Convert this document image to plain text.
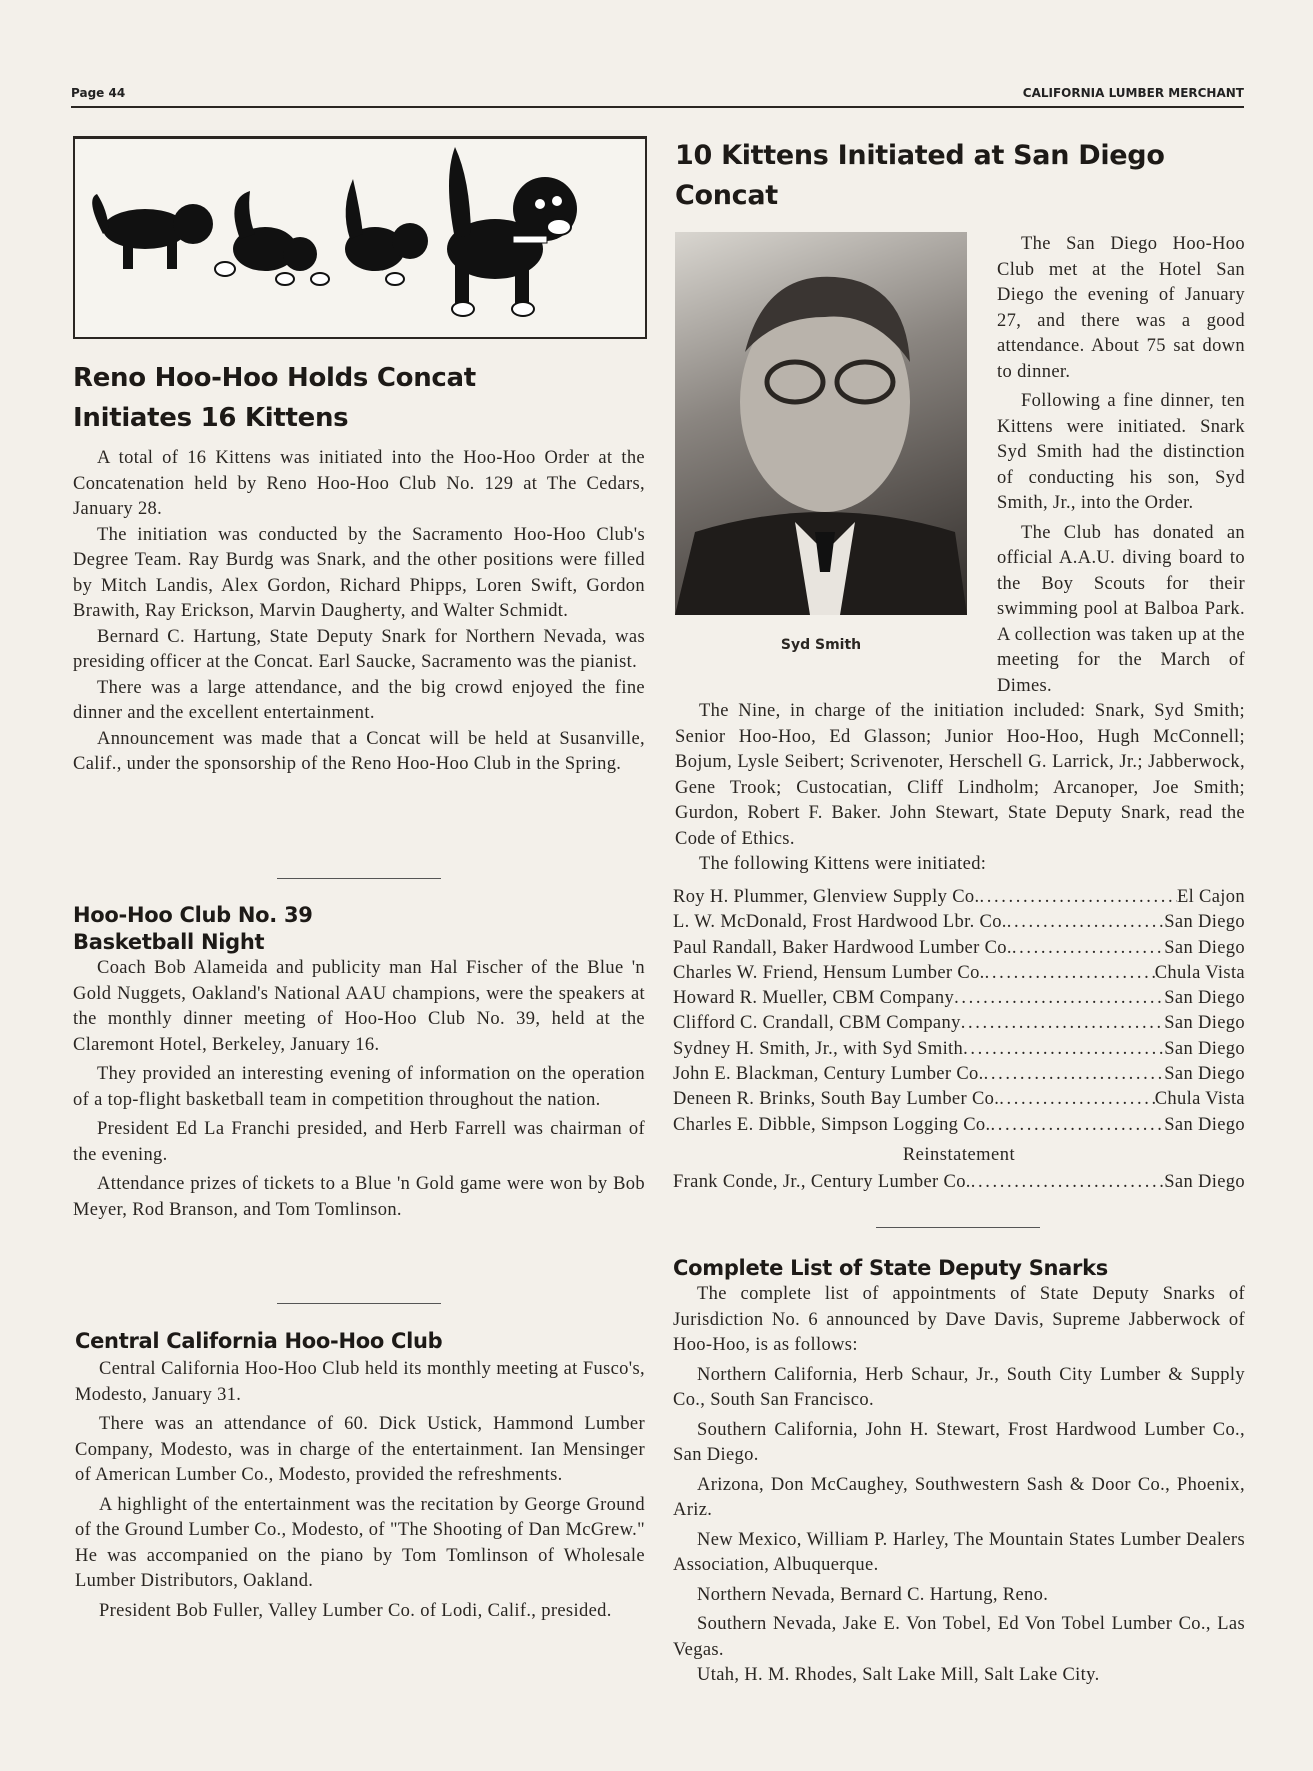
Page 44	CALIFORNIA LUMBER MERCHANT
Reno Hoo-Hoo Holds Concat
Initiates 16 Kittens

A total of 16 Kittens was initiated into the Hoo-Hoo Order at the Concatenation held by Reno Hoo-Hoo Club No. 129 at The Cedars, January 28.

The initiation was conducted by the Sacramento Hoo-Hoo Club's Degree Team. Ray Burdg was Snark, and the other positions were filled by Mitch Landis, Alex Gordon, Richard Phipps, Loren Swift, Gordon Brawith, Ray Erickson, Marvin Daugherty, and Walter Schmidt.

Bernard C. Hartung, State Deputy Snark for Northern Nevada, was presiding officer at the Concat. Earl Saucke, Sacramento was the pianist.

There was a large attendance, and the big crowd enjoyed the fine dinner and the excellent entertainment.

Announcement was made that a Concat will be held at Susanville, Calif., under the sponsorship of the Reno Hoo-Hoo Club in the Spring.

Hoo-Hoo Club No. 39
Basketball Night

Coach Bob Alameida and publicity man Hal Fischer of the Blue 'n Gold Nuggets, Oakland's National AAU champions, were the speakers at the monthly dinner meeting of Hoo-Hoo Club No. 39, held at the Claremont Hotel, Berkeley, January 16.

They provided an interesting evening of information on the operation of a top-flight basketball team in competition throughout the nation.

President Ed La Franchi presided, and Herb Farrell was chairman of the evening.

Attendance prizes of tickets to a Blue 'n Gold game were won by Bob Meyer, Rod Branson, and Tom Tomlinson.

Central California Hoo-Hoo Club

Central California Hoo-Hoo Club held its monthly meeting at Fusco's, Modesto, January 31.

There was an attendance of 60. Dick Ustick, Hammond Lumber Company, Modesto, was in charge of the entertainment. Ian Mensinger of American Lumber Co., Modesto, provided the refreshments.

A highlight of the entertainment was the recitation by George Ground of the Ground Lumber Co., Modesto, of "The Shooting of Dan McGrew." He was accompanied on the piano by Tom Tomlinson of Wholesale Lumber Distributors, Oakland.

President Bob Fuller, Valley Lumber Co. of Lodi, Calif., presided.

10 Kittens Initiated at San Diego Concat
Syd Smith

The San Diego Hoo-Hoo Club met at the Hotel San Diego the evening of January 27, and there was a good attendance. About 75 sat down to dinner.

Following a fine dinner, ten Kittens were initiated. Snark Syd Smith had the distinction of conducting his son, Syd Smith, Jr., into the Order.

The Club has donated an official A.A.U. diving board to the Boy Scouts for their swimming pool at Balboa Park. A collection was taken up at the meeting for the March of Dimes.

The Nine, in charge of the initiation included: Snark, Syd Smith; Senior Hoo-Hoo, Ed Glasson; Junior Hoo-Hoo, Hugh McConnell; Bojum, Lysle Seibert; Scrivenoter, Herschell G. Larrick, Jr.; Jabberwock, Gene Trook; Custocatian, Cliff Lindholm; Arcanoper, Joe Smith; Gurdon, Robert F. Baker. John Stewart, State Deputy Snark, read the Code of Ethics.

The following Kittens were initiated:

Roy H. Plummer, Glenview Supply Co. . . .	El Cajon
L. W. McDonald, Frost Hardwood Lbr. Co. . . .	San Diego
Paul Randall, Baker Hardwood Lumber Co. . . .	San Diego
Charles W. Friend, Hensum Lumber Co. . . .	Chula Vista
Howard R. Mueller, CBM Company . . .	San Diego
Clifford C. Crandall, CBM Company . . .	San Diego
Sydney H. Smith, Jr., with Syd Smith . . .	San Diego
John E. Blackman, Century Lumber Co. . . .	San Diego
Deneen R. Brinks, South Bay Lumber Co. . . .	Chula Vista
Charles E. Dibble, Simpson Logging Co. . . .	San Diego
Reinstatement
Frank Conde, Jr., Century Lumber Co. . . .	San Diego
Complete List of State Deputy Snarks

The complete list of appointments of State Deputy Snarks of Jurisdiction No. 6 announced by Dave Davis, Supreme Jabberwock of Hoo-Hoo, is as follows:

Northern California, Herb Schaur, Jr., South City Lumber & Supply Co., South San Francisco.

Southern California, John H. Stewart, Frost Hardwood Lumber Co., San Diego.

Arizona, Don McCaughey, Southwestern Sash & Door Co., Phoenix, Ariz.

New Mexico, William P. Harley, The Mountain States Lumber Dealers Association, Albuquerque.

Northern Nevada, Bernard C. Hartung, Reno.

Southern Nevada, Jake E. Von Tobel, Ed Von Tobel Lumber Co., Las Vegas.

Utah, H. M. Rhodes, Salt Lake Mill, Salt Lake City.
